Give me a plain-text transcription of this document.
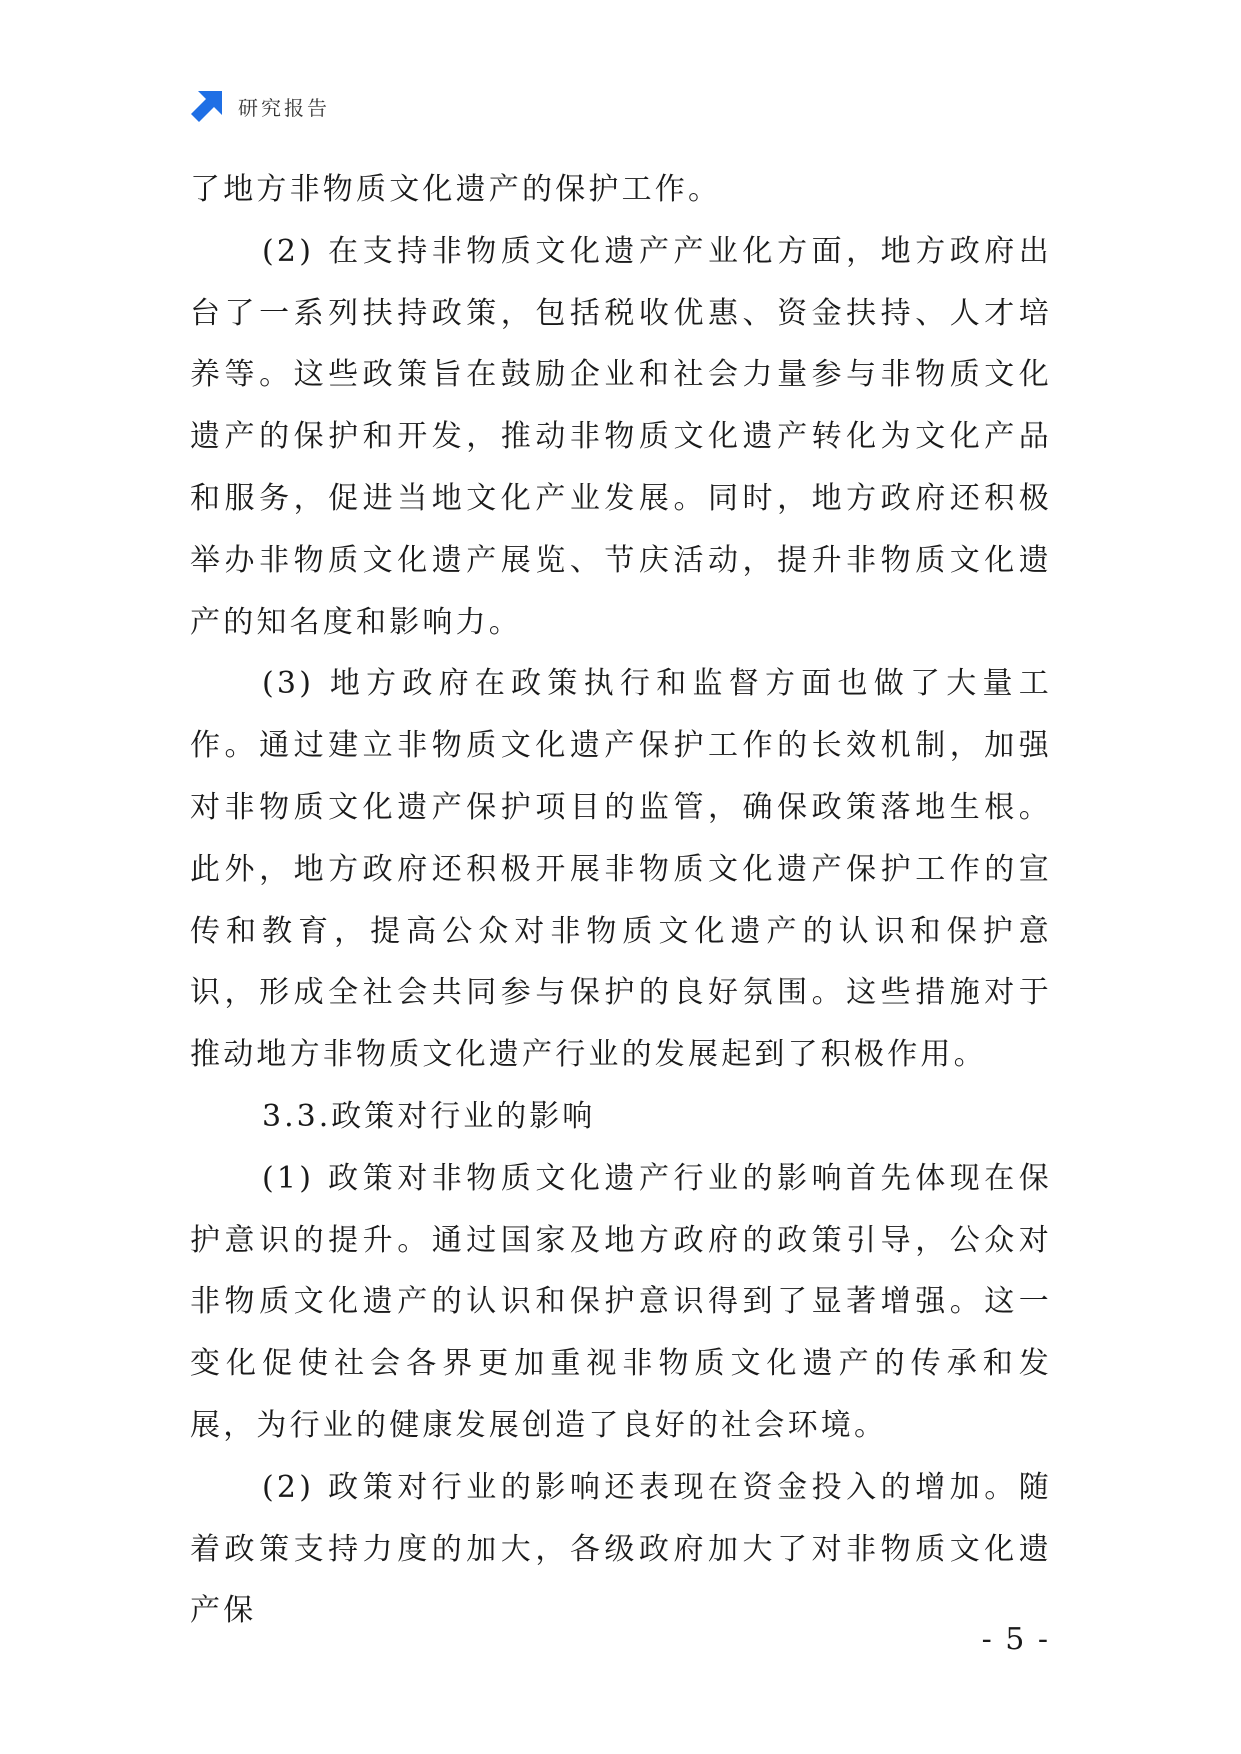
研究报告

了地方非物质文化遗产的保护工作。

(2) 在支持非物质文化遗产产业化方面，地方政府出台了一系列扶持政策，包括税收优惠、资金扶持、人才培养等。这些政策旨在鼓励企业和社会力量参与非物质文化遗产的保护和开发，推动非物质文化遗产转化为文化产品和服务，促进当地文化产业发展。同时，地方政府还积极举办非物质文化遗产展览、节庆活动，提升非物质文化遗产的知名度和影响力。

(3) 地方政府在政策执行和监督方面也做了大量工作。通过建立非物质文化遗产保护工作的长效机制，加强对非物质文化遗产保护项目的监管，确保政策落地生根。此外，地方政府还积极开展非物质文化遗产保护工作的宣传和教育，提高公众对非物质文化遗产的认识和保护意识，形成全社会共同参与保护的良好氛围。这些措施对于推动地方非物质文化遗产行业的发展起到了积极作用。

3.3.政策对行业的影响

(1) 政策对非物质文化遗产行业的影响首先体现在保护意识的提升。通过国家及地方政府的政策引导，公众对非物质文化遗产的认识和保护意识得到了显著增强。这一变化促使社会各界更加重视非物质文化遗产的传承和发展，为行业的健康发展创造了良好的社会环境。

(2) 政策对行业的影响还表现在资金投入的增加。随着政策支持力度的加大，各级政府加大了对非物质文化遗产保

- 5 -
